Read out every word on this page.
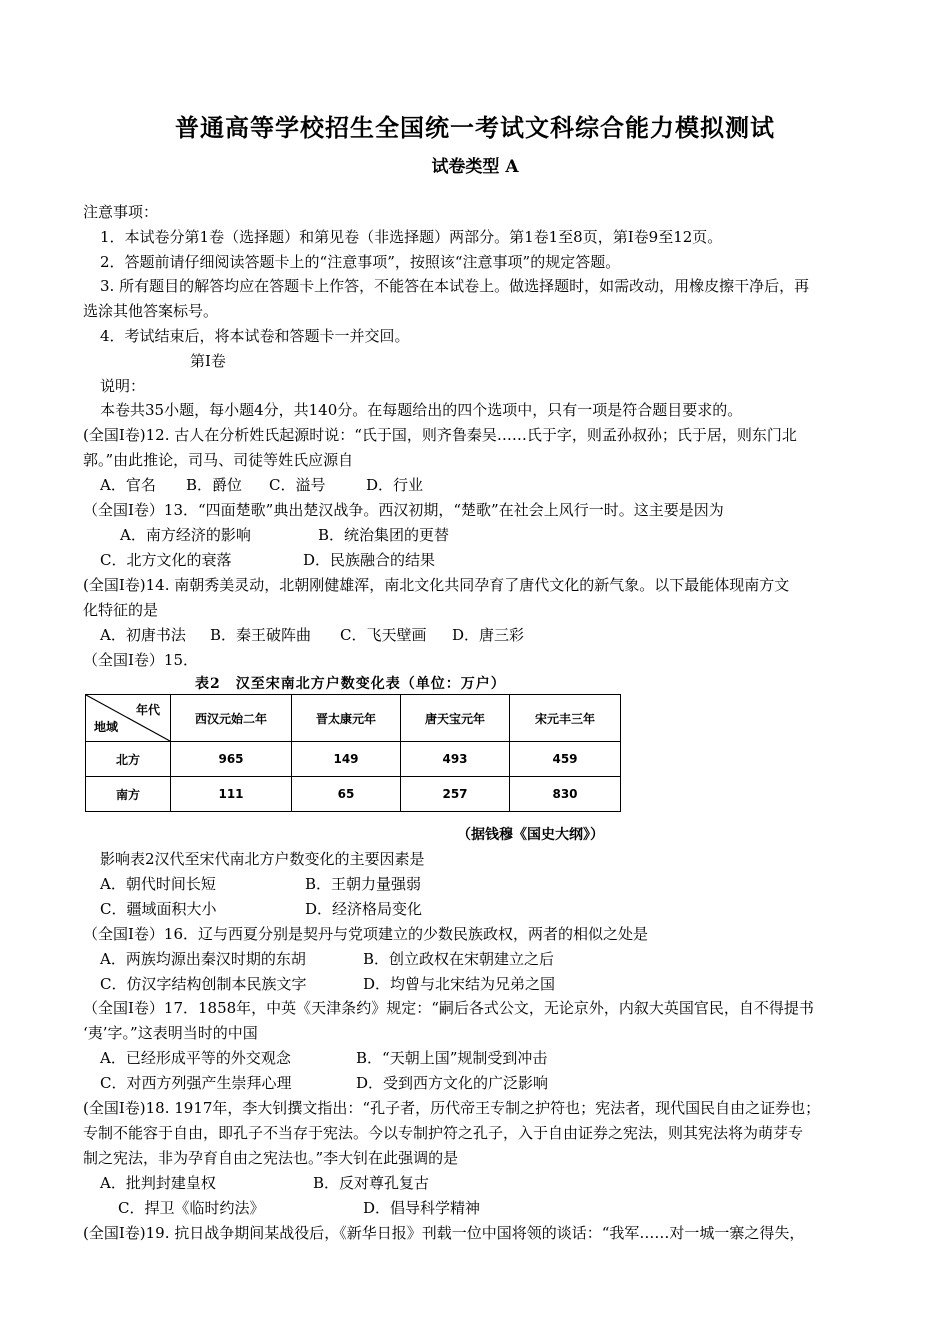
普通高等学校招生全国统一考试文科综合能力模拟测试
试卷类型 A
注意事项：
1．本试卷分第1卷（选择题）和第见卷（非选择题）两部分。第1卷1至8页，第I卷9至12页。
2．答题前请仔细阅读答题卡上的“注意事项”，按照该“注意事项”的规定答题。
3. 所有题目的解答均应在答题卡上作答，不能答在本试卷上。做选择题时，如需改动，用橡皮擦干净后，再
选涂其他答案标号。
4．考试结束后，将本试卷和答题卡一并交回。
第I卷
说明：
本卷共35小题，每小题4分，共140分。在每题给出的四个选项中，只有一项是符合题目要求的。
(全国I卷)12. 古人在分析姓氏起源时说：“氏于国，则齐鲁秦吴……氏于字，则孟孙叔孙；氏于居，则东门北
郭。”由此推论，司马、司徒等姓氏应源自
A．官名 B．爵位 C．溢号	D．行业
（全国I卷）13．“四面楚歌”典出楚汉战争。西汉初期，“楚歌”在社会上风行一时。这主要是因为
A．南方经济的影响	B．统治集团的更替
C．北方文化的衰落	D．民族融合的结果
(全国I卷)14. 南朝秀美灵动，北朝刚健雄浑，南北文化共同孕育了唐代文化的新气象。以下最能体现南方文
化特征的是
A．初唐书法 B．秦王破阵曲 C．飞天壁画 D．唐三彩
（全国I卷）15．
表2　汉至宋南北方户数变化表（单位：万户）
年代
地域	西汉元始二年	晋太康元年	唐天宝元年	宋元丰三年
北方	965	149	493	459
南方	111	65	257	830
（据钱穆《国史大纲》）
影响表2汉代至宋代南北方户数变化的主要因素是
A．朝代时间长短	B．王朝力量强弱
C．疆域面积大小	D．经济格局变化
（全国I卷）16．辽与西夏分别是契丹与党项建立的少数民族政权，两者的相似之处是
A．两族均源出秦汉时期的东胡	B．创立政权在宋朝建立之后
C．仿汉字结构创制本民族文字	D．均曾与北宋结为兄弟之国
（全国I卷）17．1858年，中英《天津条约》规定：“嗣后各式公文，无论京外，内叙大英国官民，自不得提书
‘夷’字。”这表明当时的中国
A．已经形成平等的外交观念	B．“天朝上国”规制受到冲击
C．对西方列强产生崇拜心理	D．受到西方文化的广泛影响
(全国I卷)18. 1917年，李大钊撰文指出：“孔子者，历代帝王专制之护符也；宪法者，现代国民自由之证券也；
专制不能容于自由，即孔子不当存于宪法。今以专制护符之孔子，入于自由证券之宪法，则其宪法将为萌芽专
制之宪法，非为孕育自由之宪法也。”李大钊在此强调的是
A．批判封建皇权	B．反对尊孔复古
C．捍卫《临时约法》	D．倡导科学精神
(全国I卷)19. 抗日战争期间某战役后，《新华日报》刊载一位中国将领的谈话：“我军……对一城一寨之得失，
